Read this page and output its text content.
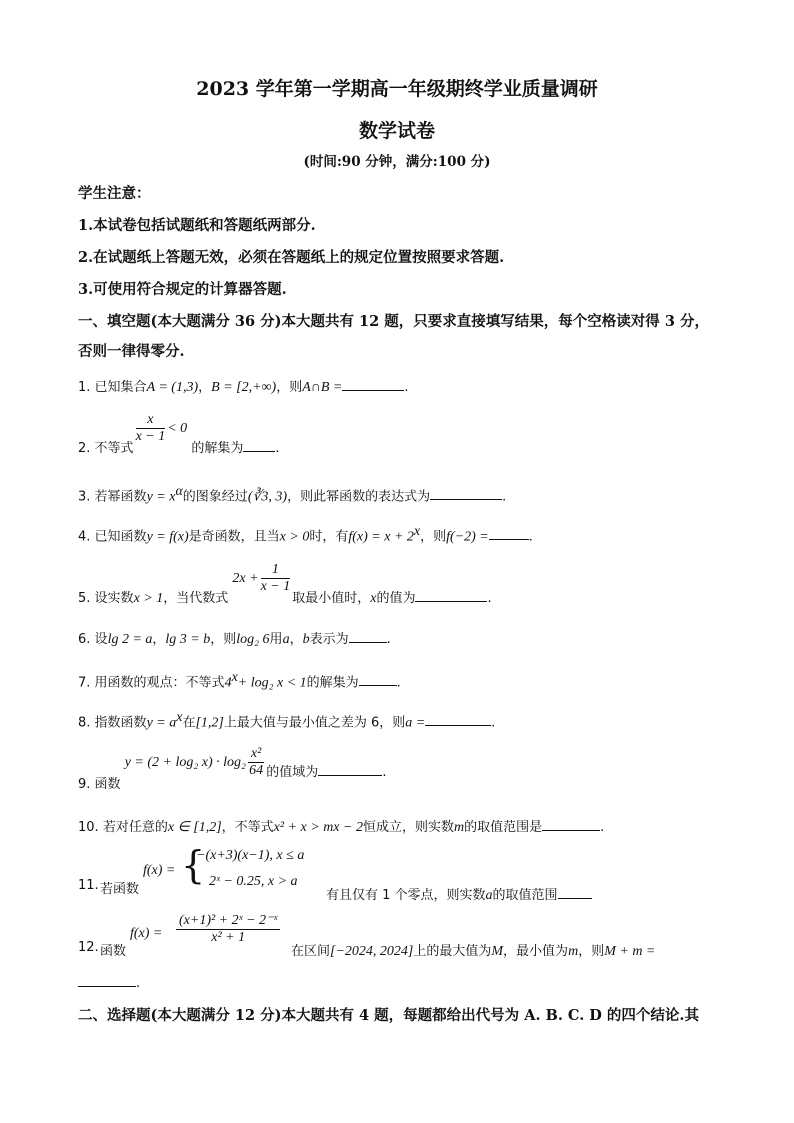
2023 学年第一学期高一年级期终学业质量调研
数学试卷
(时间:90 分钟，满分:100 分)
学生注意：
1.本试卷包括试题纸和答题纸两部分.
2.在试题纸上答题无效，必须在答题纸上的规定位置按照要求答题.
3.可使用符合规定的计算器答题.
一、填空题(本大题满分 36 分)本大题共有 12 题，只要求直接填写结果，每个空格读对得 3 分，
否则一律得零分.
1. 已知集合A = (1,3)，B = [2,+∞)，则A∩B =	.
2. 不等式
$\frac{x}{x - 1} < 0$ 的解集为 .
3. 若幂函数$y = x^\alpha$的图象经过(∛3, 3)，则此幂函数的表达式为	.
4. 已知函数y = f(x)是奇函数，且当x > 0时，有$f(x) = x + 2^x$，则f(−2) =	.
5. 设实数x > 1，当代数式 $2x + \frac{1}{x - 1}$
取最小值时，x的值为	.
6. 设lg 2 = a，lg 3 = b，则log₂ 6用a，b表示为	.
7. 用函数的观点：不等式$4^x+ \log_2$ x < 1的解集为	.
8. 指数函数$y = a^x$在[1,2]上最大值与最小值之差为 6，则a =	.
9. 函数 y = (2 + log₂ $x) \cdot \log_2 \frac{\text{x²}}{64}$ 的值域为	.
10. 若对任意的x ∈ [1,2]，不等式x² + x > mx − 2恒成立，则实数m的取值范围是	.
11. 若函数
f(x) = {
−(x+3)(x−1), x ≤ a
2ˣ − 0.25, x > a
有且仅有 1 个零点，则实数a的取值范围
12. 函数
$f(x) = \frac{\text{(x+1)² + 2ˣ − 2⁻ˣ}}{\text{x² + 1}}$
在区间[−2024, 2024]上的最大值为M，最小值为m，则M + m =
.
二、选择题(本大题满分 12 分)本大题共有 4 题，每题都给出代号为 A. B. C. D 的四个结论.其
